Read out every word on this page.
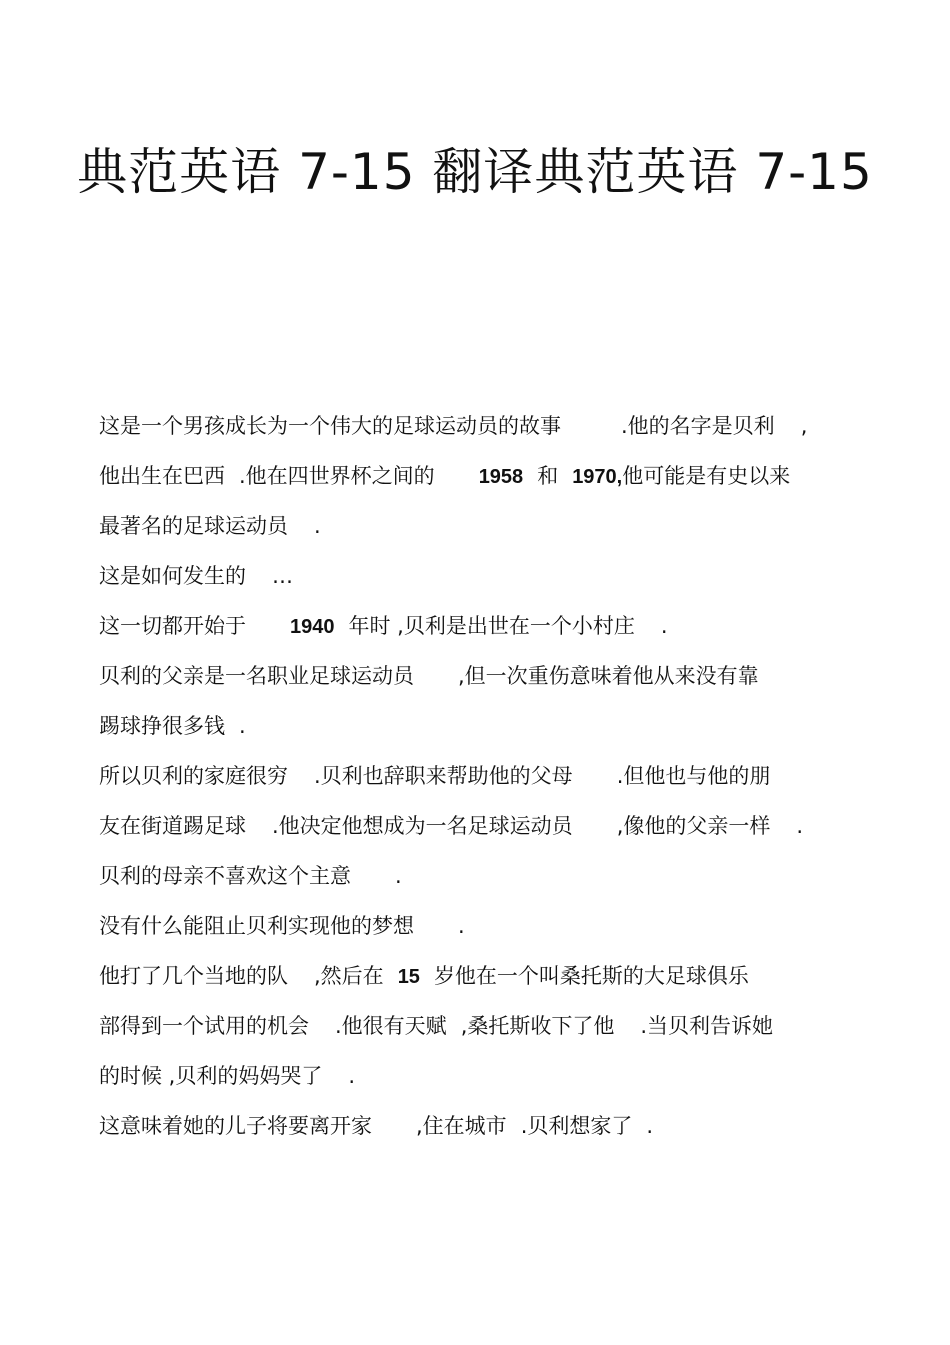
典范英语 7-15 翻译典范英语 7-15
这是一个男孩成长为一个伟大的足球运动员的故事	.他的名字是贝利 ,
他出生在巴西 .他在四世界杯之间的 1958 和 1970,他可能是有史以来
最著名的足球运动员 .
这是如何发生的 …
这一切都开始于 1940 年时 ,贝利是出世在一个小村庄 .
贝利的父亲是一名职业足球运动员 ,但一次重伤意味着他从来没有靠
踢球挣很多钱 .
所以贝利的家庭很穷 .贝利也辞职来帮助他的父母 .但他也与他的朋
友在街道踢足球 .他决定他想成为一名足球运动员 ,像他的父亲一样 .
贝利的母亲不喜欢这个主意 .
没有什么能阻止贝利实现他的梦想 .
他打了几个当地的队 ,然后在 15 岁他在一个叫桑托斯的大足球俱乐
部得到一个试用的机会 .他很有天赋 ,桑托斯收下了他 .当贝利告诉她
的时候 ,贝利的妈妈哭了 .
这意味着她的儿子将要离开家 ,住在城市 .贝利想家了 .
